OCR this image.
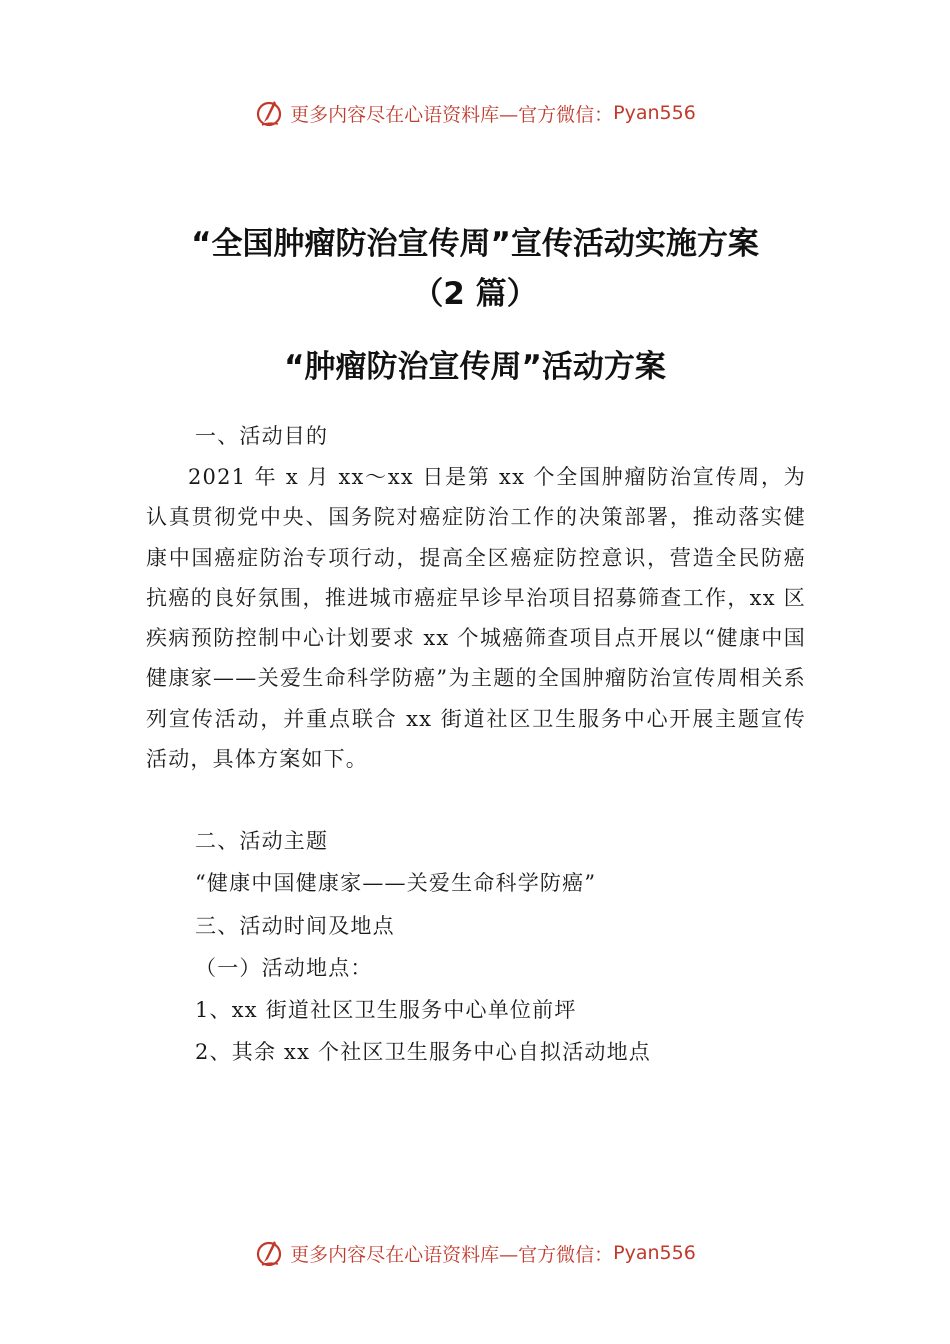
更多内容尽在心语资料库—官方微信： Pyan556
“全国肿瘤防治宣传周”宣传活动实施方案
（2 篇）
“肿瘤防治宣传周”活动方案
一、活动目的

2021 年 x 月 xx～xx 日是第 xx 个全国肿瘤防治宣传周，为认真贯彻党中央、国务院对癌症防治工作的决策部署，推动落实健康中国癌症防治专项行动，提高全区癌症防控意识，营造全民防癌抗癌的良好氛围，推进城市癌症早诊早治项目招募筛查工作，xx 区疾病预防控制中心计划要求 xx 个城癌筛查项目点开展以“健康中国健康家——关爱生命科学防癌”为主题的全国肿瘤防治宣传周相关系列宣传活动，并重点联合 xx 街道社区卫生服务中心开展主题宣传活动，具体方案如下。

二、活动主题
“健康中国健康家——关爱生命科学防癌”
三、活动时间及地点
（一）活动地点：
1、xx 街道社区卫生服务中心单位前坪
2、其余 xx 个社区卫生服务中心自拟活动地点
更多内容尽在心语资料库—官方微信： Pyan556
